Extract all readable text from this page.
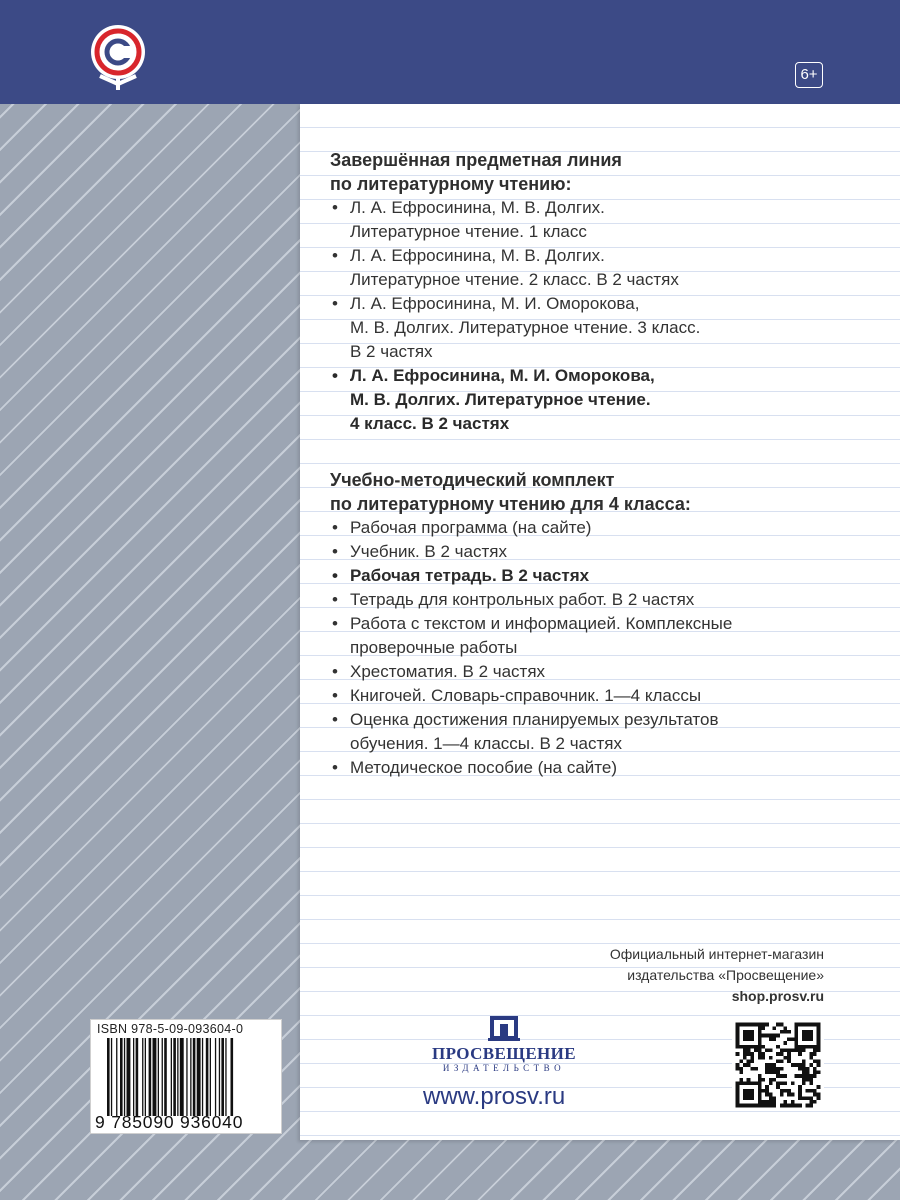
6+

Завершённая предметная линия
по литературному чтению:

• Л. А. Ефросинина, М. В. Долгих.
Литературное чтение. 1 класс
• Л. А. Ефросинина, М. В. Долгих.
Литературное чтение. 2 класс. В 2 частях
• Л. А. Ефросинина, М. И. Оморокова,
М. В. Долгих. Литературное чтение. 3 класс.
В 2 частях
• Л. А. Ефросинина, М. И. Оморокова,
М. В. Долгих. Литературное чтение.
4 класс. В 2 частях

Учебно-методический комплект
по литературному чтению для 4 класса:

• Рабочая программа (на сайте)
• Учебник. В 2 частях
• Рабочая тетрадь. В 2 частях
• Тетрадь для контрольных работ. В 2 частях
• Работа с текстом и информацией. Комплексные
проверочные работы
• Хрестоматия. В 2 частях
• Книгочей. Словарь-справочник. 1—4 классы
• Оценка достижения планируемых результатов
обучения. 1—4 классы. В 2 частях
• Методическое пособие (на сайте)
Официальный интернет-магазин
издательства «Просвещение»
shop.prosv.ru
ISBN 978-5-09-093604-0
9 785090 936040
ПРОСВЕЩЕНИЕ
ИЗДАТЕЛЬСТВО
www.prosv.ru
